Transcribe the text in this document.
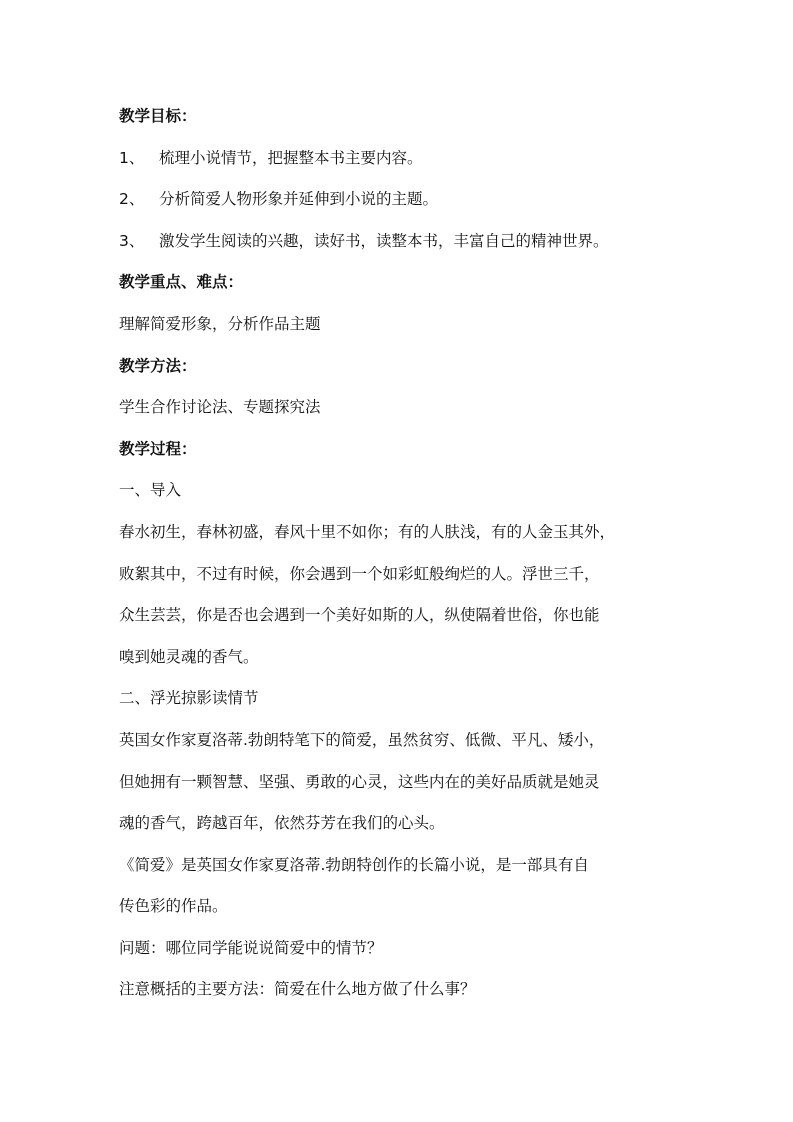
教学目标：
1、 梳理小说情节，把握整本书主要内容。
2、 分析简爱人物形象并延伸到小说的主题。
3、 激发学生阅读的兴趣，读好书，读整本书，丰富自己的精神世界。
教学重点、难点：
理解简爱形象，分析作品主题
教学方法：
学生合作讨论法、专题探究法
教学过程：
一、导入
春水初生，春林初盛，春风十里不如你；有的人肤浅，有的人金玉其外，
败絮其中，不过有时候，你会遇到一个如彩虹般绚烂的人。浮世三千，
众生芸芸，你是否也会遇到一个美好如斯的人，纵使隔着世俗，你也能
嗅到她灵魂的香气。
二、浮光掠影读情节
英国女作家夏洛蒂.勃朗特笔下的简爱，虽然贫穷、低微、平凡、矮小，
但她拥有一颗智慧、坚强、勇敢的心灵，这些内在的美好品质就是她灵
魂的香气，跨越百年，依然芬芳在我们的心头。
《简爱》是英国女作家夏洛蒂.勃朗特创作的长篇小说，是一部具有自
传色彩的作品。
问题：哪位同学能说说简爱中的情节？
注意概括的主要方法：简爱在什么地方做了什么事？
